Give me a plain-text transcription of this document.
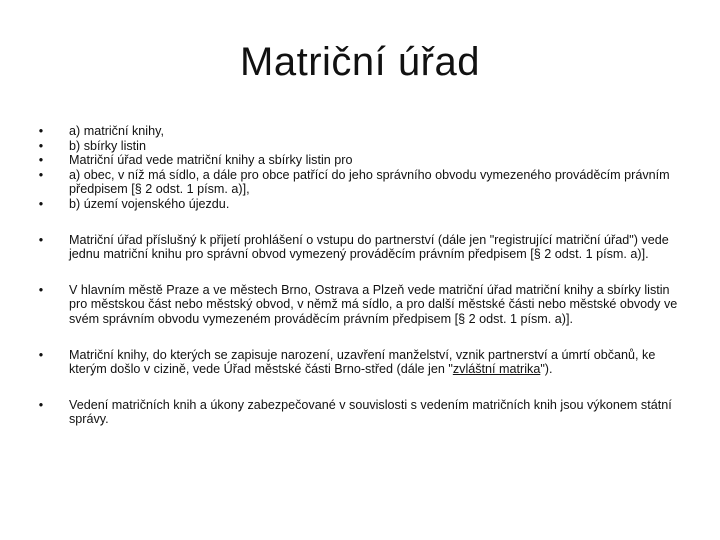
Matriční úřad
• a) matriční knihy,
• b) sbírky listin
• Matriční úřad vede matriční knihy a sbírky listin pro
• a) obec, v níž má sídlo, a dále pro obce patřící do jeho správního obvodu vymezeného prováděcím právním předpisem [§ 2 odst. 1 písm. a)],
• b) území vojenského újezdu.
• Matriční úřad příslušný k přijetí prohlášení o vstupu do partnerství (dále jen "registrující matriční úřad") vede jednu matriční knihu pro správní obvod vymezený prováděcím právním předpisem [§ 2 odst. 1 písm. a)].
• V hlavním městě Praze a ve městech Brno, Ostrava a Plzeň vede matriční úřad matriční knihy a sbírky listin pro městskou část nebo městský obvod, v němž má sídlo, a pro další městské části nebo městské obvody ve svém správním obvodu vymezeném prováděcím právním předpisem [§ 2 odst. 1 písm. a)].
• Matriční knihy, do kterých se zapisuje narození, uzavření manželství, vznik partnerství a úmrtí občanů, ke kterým došlo v cizině, vede Úřad městské části Brno-střed (dále jen "zvláštní matrika").
• Vedení matričních knih a úkony zabezpečované v souvislosti s vedením matričních knih jsou výkonem státní správy.
